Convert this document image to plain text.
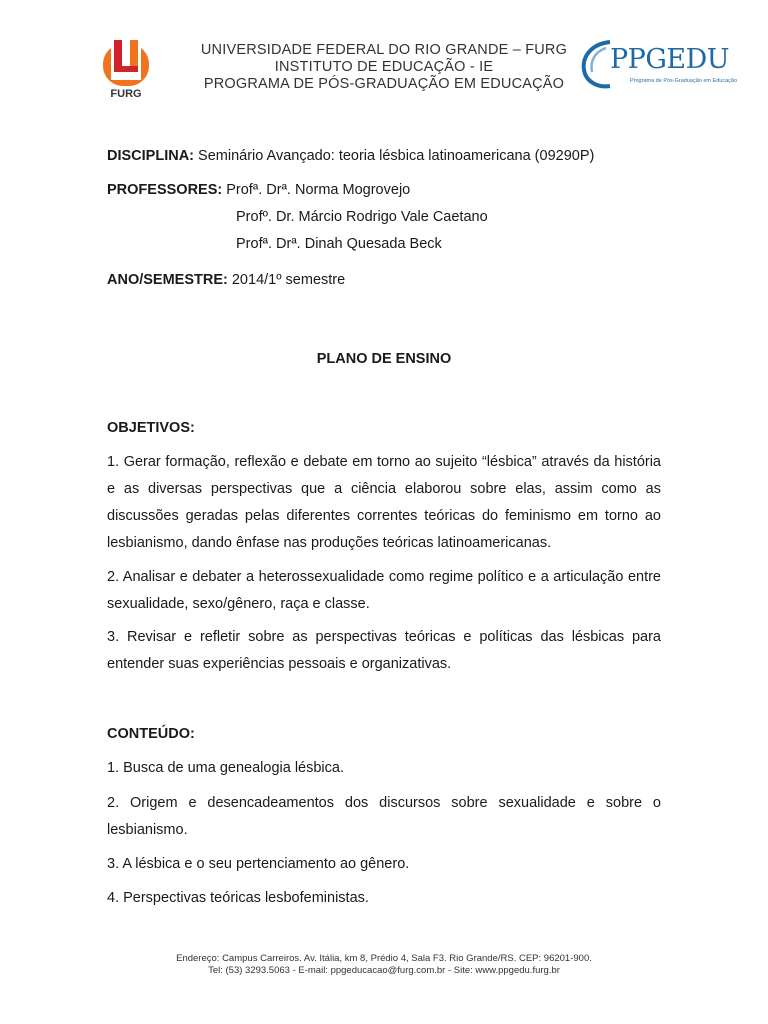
FURG
UNIVERSIDADE FEDERAL DO RIO GRANDE – FURG
INSTITUTO DE EDUCAÇÃO - IE
PROGRAMA DE PÓS-GRADUAÇÃO EM EDUCAÇÃO
PPGEDU
Programa de Pós-Graduação em Educação
DISCIPLINA: Seminário Avançado: teoria lésbica latinoamericana (09290P)
PROFESSORES: Profª. Drª. Norma Mogrovejo
Profº. Dr. Márcio Rodrigo Vale Caetano
Profª. Drª. Dinah Quesada Beck
ANO/SEMESTRE: 2014/1º semestre
PLANO DE ENSINO
OBJETIVOS:
1. Gerar formação, reflexão e debate em torno ao sujeito “lésbica” através da história e as diversas perspectivas que a ciência elaborou sobre elas, assim como as discussões geradas pelas diferentes correntes teóricas do feminismo em torno ao lesbianismo, dando ênfase nas produções teóricas latinoamericanas.
2. Analisar e debater a heterossexualidade como regime político e a articulação entre sexualidade, sexo/gênero, raça e classe.
3. Revisar e refletir sobre as perspectivas teóricas e políticas das lésbicas para entender suas experiências pessoais e organizativas.
CONTEÚDO:
1. Busca de uma genealogia lésbica.
2. Origem e desencadeamentos dos discursos sobre sexualidade e sobre o lesbianismo.
3. A lésbica e o seu pertenciamento ao gênero.
4. Perspectivas teóricas lesbofeministas.
Endereço: Campus Carreiros. Av. Itália, km 8, Prédio 4, Sala F3. Rio Grande/RS. CEP: 96201-900.
Tel: (53) 3293.5063 - E-mail: ppgeducacao@furg.com.br - Site: www.ppgedu.furg.br
